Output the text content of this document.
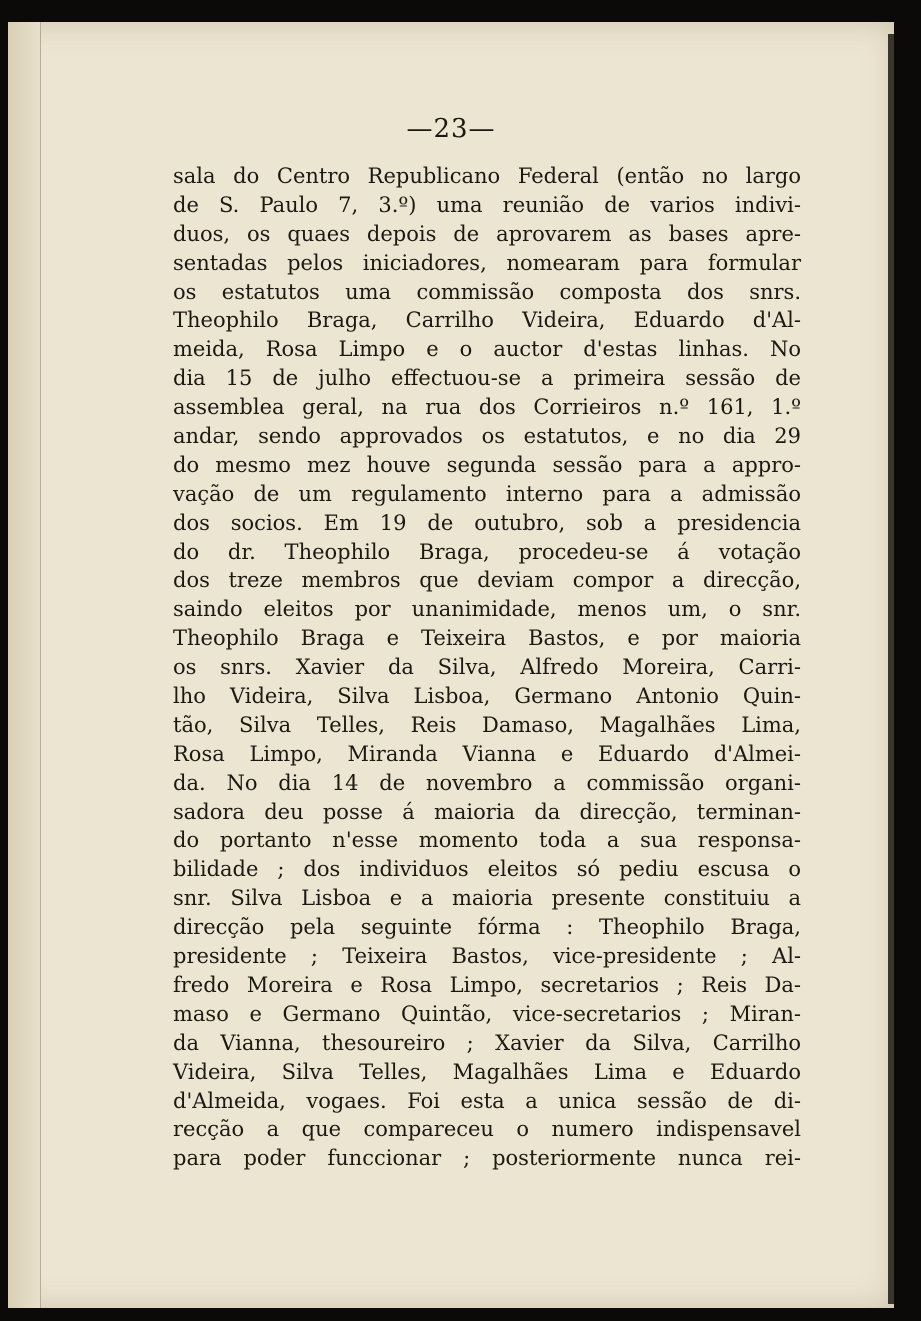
—23—
sala do Centro Republicano Federal (então no largo
de S. Paulo 7, 3.º) uma reunião de varios indivi-
duos, os quaes depois de aprovarem as bases apre-
sentadas pelos iniciadores, nomearam para formular
os estatutos uma commissão composta dos snrs.
Theophilo Braga, Carrilho Videira, Eduardo d'Al-
meida, Rosa Limpo e o auctor d'estas linhas. No
dia 15 de julho effectuou-se a primeira sessão de
assemblea geral, na rua dos Corrieiros n.º 161, 1.º
andar, sendo approvados os estatutos, e no dia 29
do mesmo mez houve segunda sessão para a appro-
vação de um regulamento interno para a admissão
dos socios. Em 19 de outubro, sob a presidencia
do dr. Theophilo Braga, procedeu-se á votação
dos treze membros que deviam compor a direcção,
saindo eleitos por unanimidade, menos um, o snr.
Theophilo Braga e Teixeira Bastos, e por maioria
os snrs. Xavier da Silva, Alfredo Moreira, Carri-
lho Videira, Silva Lisboa, Germano Antonio Quin-
tão, Silva Telles, Reis Damaso, Magalhães Lima,
Rosa Limpo, Miranda Vianna e Eduardo d'Almei-
da. No dia 14 de novembro a commissão organi-
sadora deu posse á maioria da direcção, terminan-
do portanto n'esse momento toda a sua responsa-
bilidade ; dos individuos eleitos só pediu escusa o
snr. Silva Lisboa e a maioria presente constituiu a
direcção pela seguinte fórma : Theophilo Braga,
presidente ; Teixeira Bastos, vice-presidente ; Al-
fredo Moreira e Rosa Limpo, secretarios ; Reis Da-
maso e Germano Quintão, vice-secretarios ; Miran-
da Vianna, thesoureiro ; Xavier da Silva, Carrilho
Videira, Silva Telles, Magalhães Lima e Eduardo
d'Almeida, vogaes. Foi esta a unica sessão de di-
recção a que compareceu o numero indispensavel
para poder funccionar ; posteriormente nunca rei-
